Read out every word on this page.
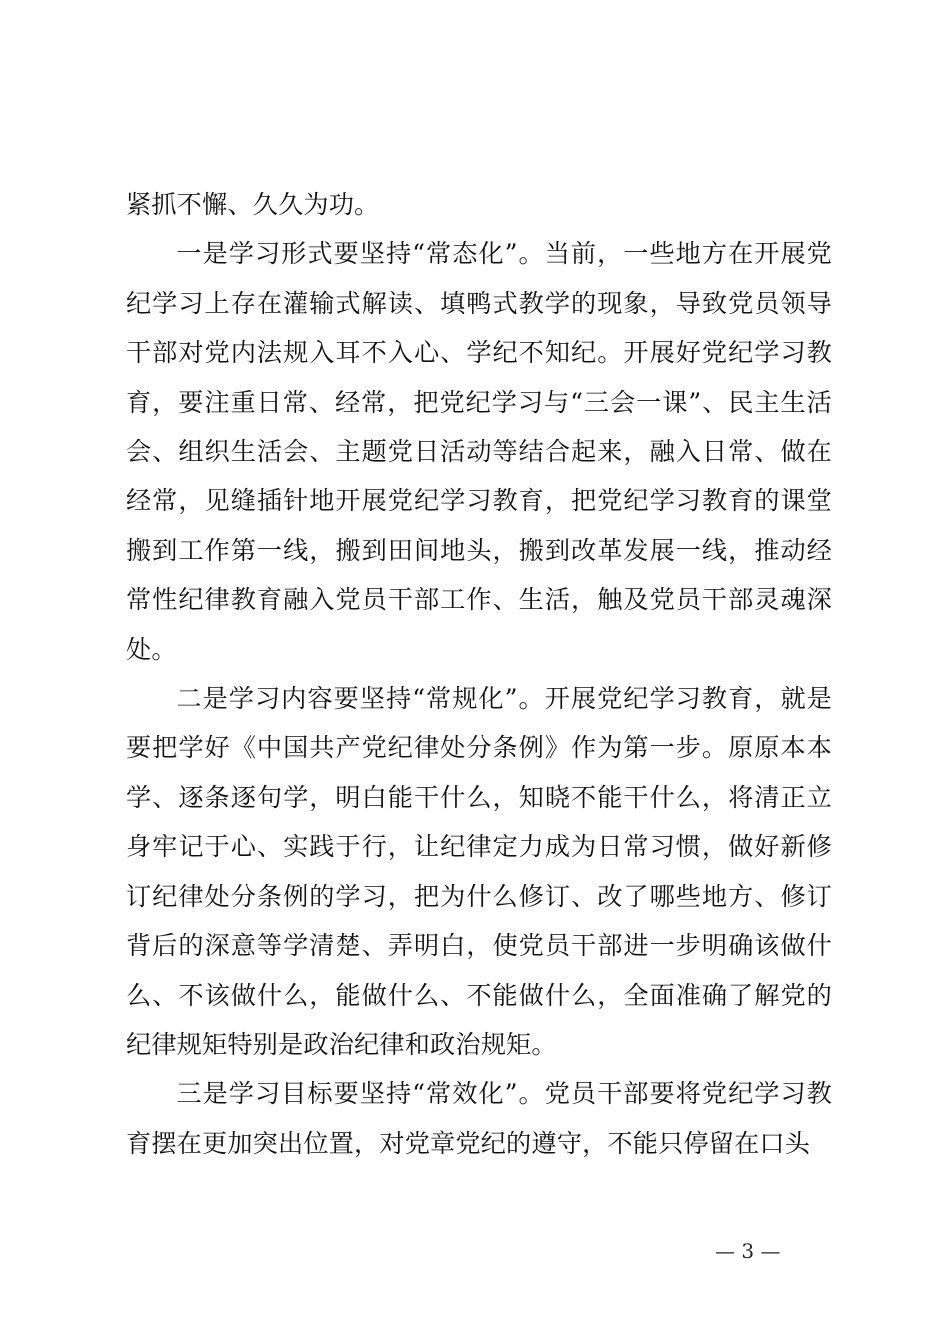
紧抓不懈、久久为功。

一是学习形式要坚持“常态化”。当前，一些地方在开展党纪学习上存在灌输式解读、填鸭式教学的现象，导致党员领导干部对党内法规入耳不入心、学纪不知纪。开展好党纪学习教育，要注重日常、经常，把党纪学习与“三会一课”、民主生活会、组织生活会、主题党日活动等结合起来，融入日常、做在经常，见缝插针地开展党纪学习教育，把党纪学习教育的课堂搬到工作第一线，搬到田间地头，搬到改革发展一线，推动经常性纪律教育融入党员干部工作、生活，触及党员干部灵魂深处。

二是学习内容要坚持“常规化”。开展党纪学习教育，就是要把学好《中国共产党纪律处分条例》作为第一步。原原本本学、逐条逐句学，明白能干什么，知晓不能干什么，将清正立身牢记于心、实践于行，让纪律定力成为日常习惯，做好新修订纪律处分条例的学习，把为什么修订、改了哪些地方、修订背后的深意等学清楚、弄明白，使党员干部进一步明确该做什么、不该做什么，能做什么、不能做什么，全面准确了解党的纪律规矩特别是政治纪律和政治规矩。

三是学习目标要坚持“常效化”。党员干部要将党纪学习教育摆在更加突出位置，对党章党纪的遵守，不能只停留在口头

— 3 —
